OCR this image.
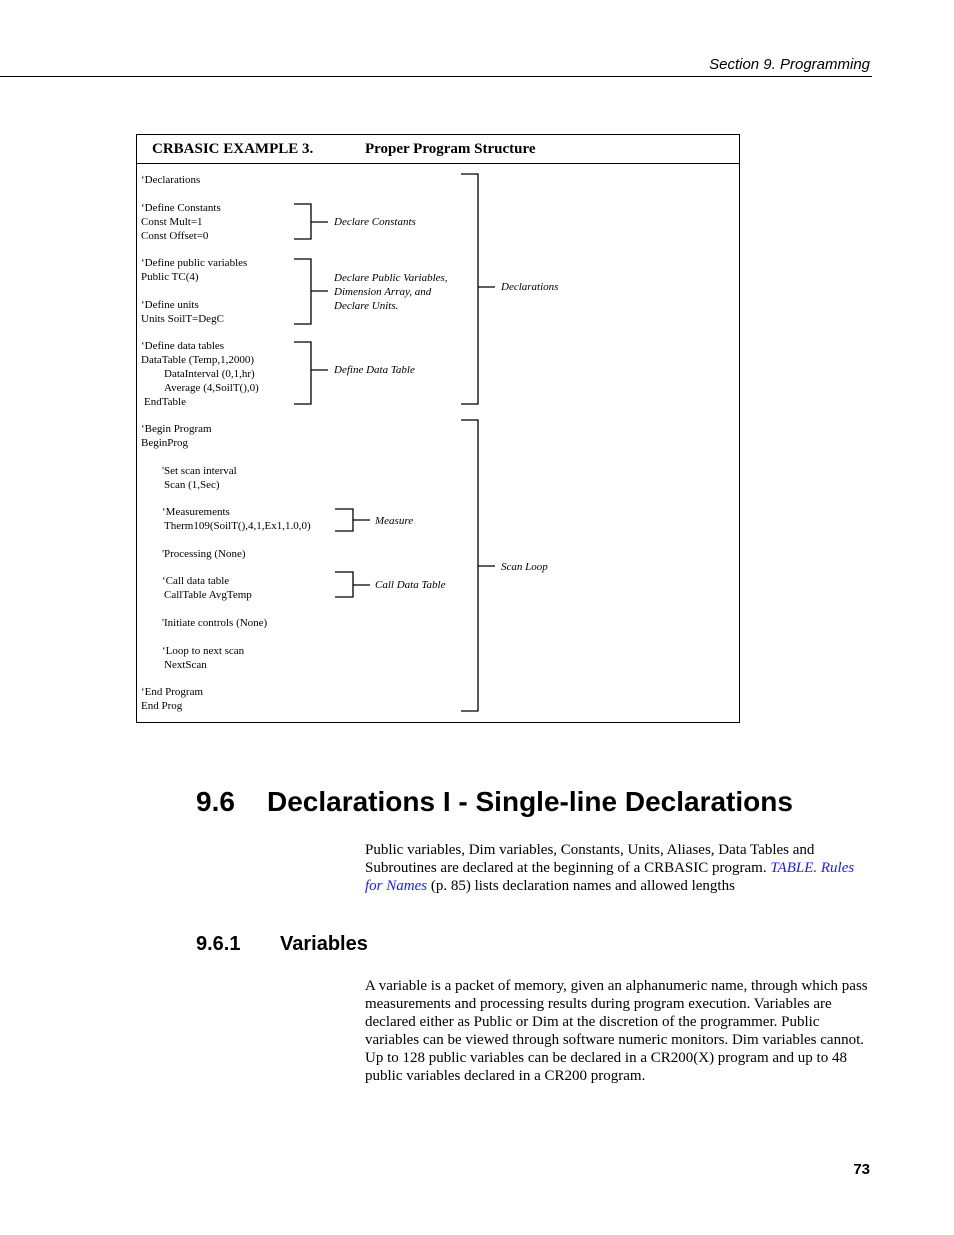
Section 9. Programming
CRBASIC EXAMPLE 3.	Proper Program Structure
‘Declarations
‘Define Constants
Const Mult=1
Const Offset=0
‘Define public variables
Public TC(4)
‘Define units
Units SoilT=DegC
‘Define data tables
DataTable (Temp,1,2000)
DataInterval (0,1,hr)
Average (4,SoilT(),0)
EndTable
‘Begin Program
BeginProg
'Set scan interval
Scan (1,Sec)
‘Measurements
Therm109(SoilT(),4,1,Ex1,1.0,0)
'Processing (None)
‘Call data table
CallTable AvgTemp
'Initiate controls (None)
‘Loop to next scan
NextScan
‘End Program
End Prog
Declare Constants
Declare Public Variables,
Dimension Array, and
Declare Units.
Define Data Table
Measure
Call Data Table
Declarations
Scan Loop
9.6 Declarations I - Single-line Declarations
Public variables, Dim variables, Constants, Units, Aliases, Data Tables and Subroutines are declared at the beginning of a CRBASIC program. TABLE. Rules for Names (p. 85) lists declaration names and allowed lengths
9.6.1 Variables
A variable is a packet of memory, given an alphanumeric name, through which pass measurements and processing results during program execution. Variables are declared either as Public or Dim at the discretion of the programmer. Public variables can be viewed through software numeric monitors. Dim variables cannot. Up to 128 public variables can be declared in a CR200(X) program and up to 48 public variables declared in a CR200 program.
73
